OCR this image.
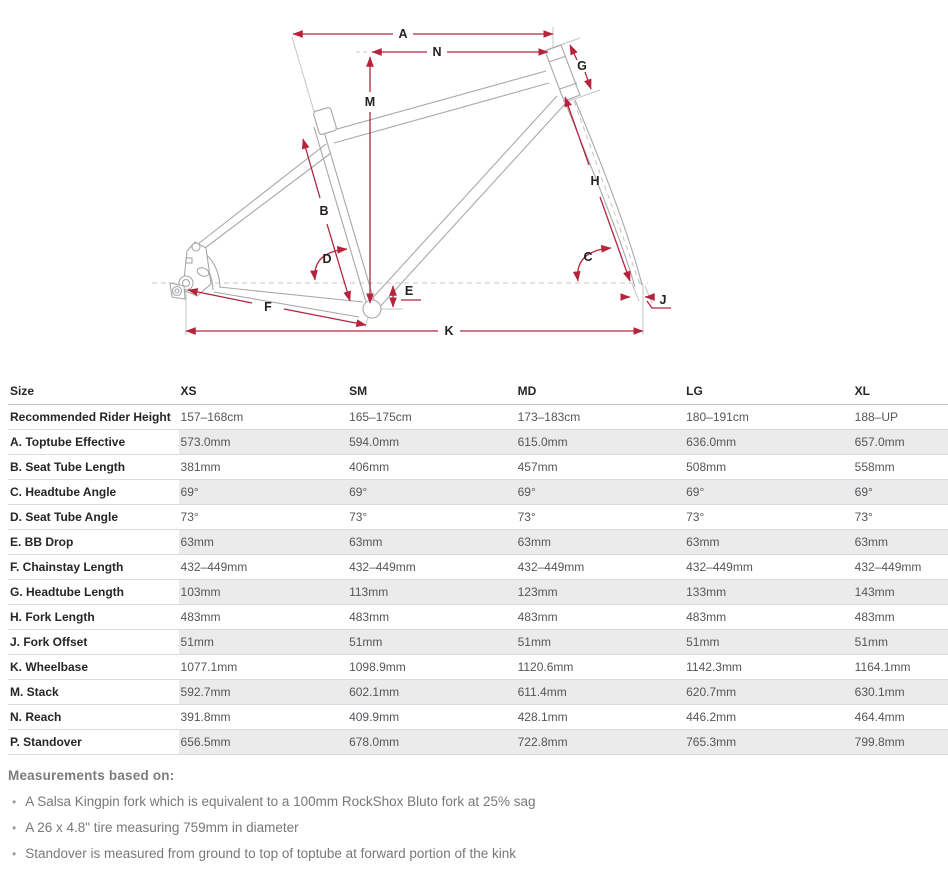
A
N
M
G
B
D	C
E
H
J
F
K
Size	XS	SM	MD	LG	XL
Recommended Rider Height	157–168cm	165–175cm	173–183cm	180–191cm	188–UP
A. Toptube Effective	573.0mm	594.0mm	615.0mm	636.0mm	657.0mm
B. Seat Tube Length	381mm	406mm	457mm	508mm	558mm
C. Headtube Angle	69°	69°	69°	69°	69°
D. Seat Tube Angle	73°	73°	73°	73°	73°
E. BB Drop	63mm	63mm	63mm	63mm	63mm
F. Chainstay Length	432–449mm	432–449mm	432–449mm	432–449mm	432–449mm
G. Headtube Length	103mm	113mm	123mm	133mm	143mm
H. Fork Length	483mm	483mm	483mm	483mm	483mm
J. Fork Offset	51mm	51mm	51mm	51mm	51mm
K. Wheelbase	1077.1mm	1098.9mm	1120.6mm	1142.3mm	1164.1mm
M. Stack	592.7mm	602.1mm	611.4mm	620.7mm	630.1mm
N. Reach	391.8mm	409.9mm	428.1mm	446.2mm	464.4mm
P. Standover	656.5mm	678.0mm	722.8mm	765.3mm	799.8mm
Measurements based on:
• A Salsa Kingpin fork which is equivalent to a 100mm RockShox Bluto fork at 25% sag
• A 26 x 4.8" tire measuring 759mm in diameter
• Standover is measured from ground to top of toptube at forward portion of the kink
